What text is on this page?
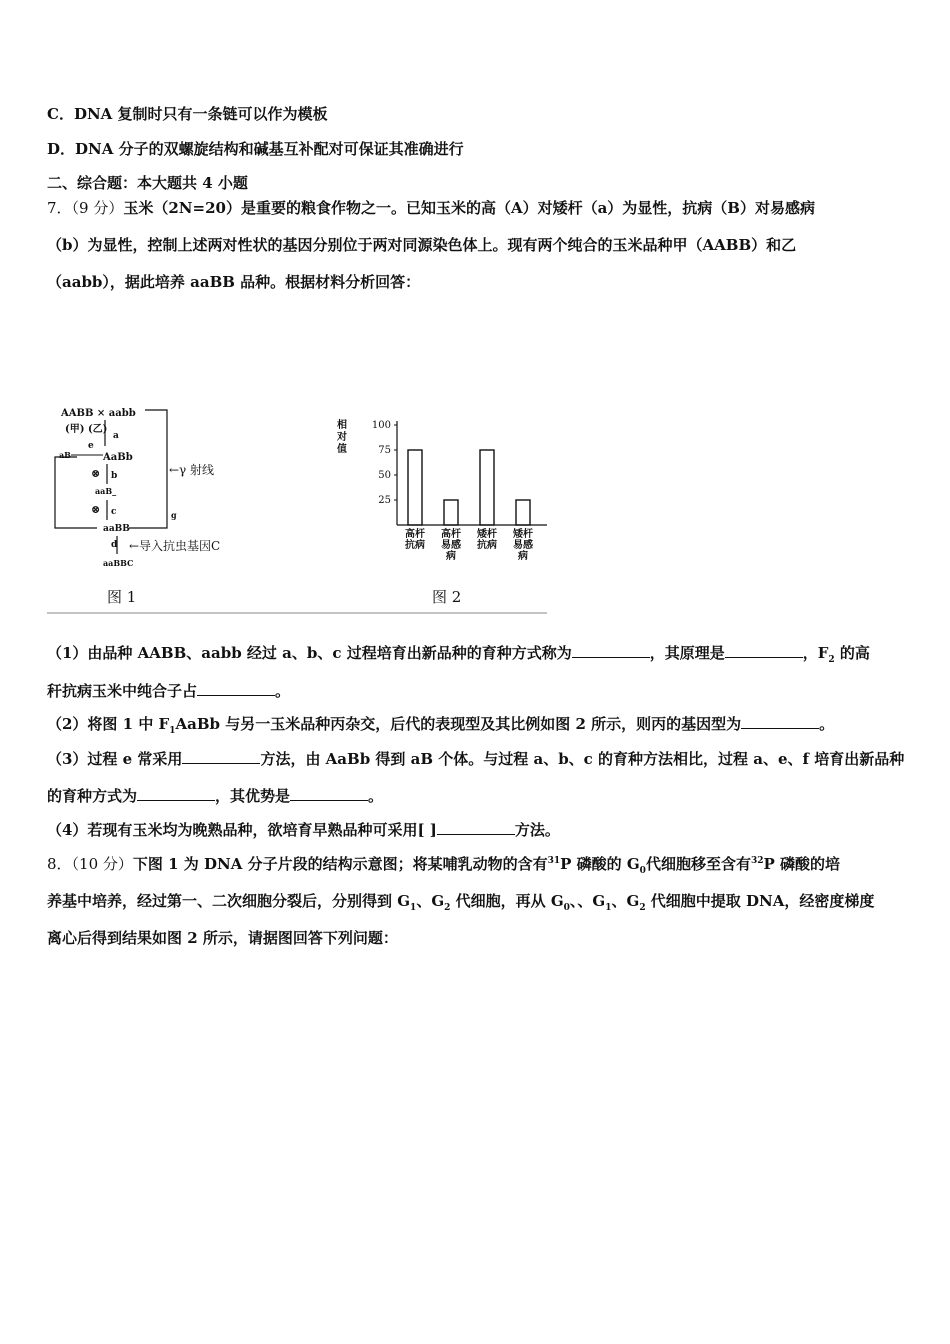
C．DNA 复制时只有一条链可以作为模板
D．DNA 分子的双螺旋结构和碱基互补配对可保证其准确进行
二、综合题：本大题共 4 小题
7．（9 分）玉米（2N=20）是重要的粮食作物之一。已知玉米的高（A）对矮杆（a）为显性，抗病（B）对易感病
（b）为显性，控制上述两对性状的基因分别位于两对同源染色体上。现有两个纯合的玉米品种甲（AABB）和乙
（aabb），据此培养 aaBB 品种。根据材料分析回答：
AABB × aabb
(甲) (乙)
a
e
aB	AaBb
⊗ b
aaB_
⊗ c
aaBB
d
aaBBC
g
←γ 射线
←导入抗虫基因C
图 1
相
对
值
25
50
75
100
高杆
抗病
高杆
易感
病
矮杆
抗病
矮杆
易感
病
图 2
（1）由品种 AABB、aabb 经过 a、b、c 过程培育出新品种的育种方式称为	，其原理是	，$F_2$ 的高
秆抗病玉米中纯合子占	。
（2）将图 1 中 $F_1AaBb$ 与另一玉米品种丙杂交，后代的表现型及其比例如图 2 所示，则丙的基因型为	。
（3）过程 e 常采用	方法，由 AaBb 得到 aB 个体。与过程 a、b、c 的育种方法相比，过程 a、e、f 培育出新品种
的育种方式为	，其优势是	。
（4）若现有玉米均为晚熟品种，欲培育早熟品种可采用[ ]	方法。
8．（10 分）下图 1 为 DNA 分子片段的结构示意图；将某哺乳动物的含有$^{31}$P 磷酸的 $G_0$代细胞移至含有$^{32}$P 磷酸的培
养基中培养，经过第一、二次细胞分裂后，分别得到 $G_1$、$G_2$ 代细胞，再从 $G_0$、、$G_1$、$G_2$ 代细胞中提取 DNA，经密度梯度
离心后得到结果如图 2 所示，请据图回答下列问题：
